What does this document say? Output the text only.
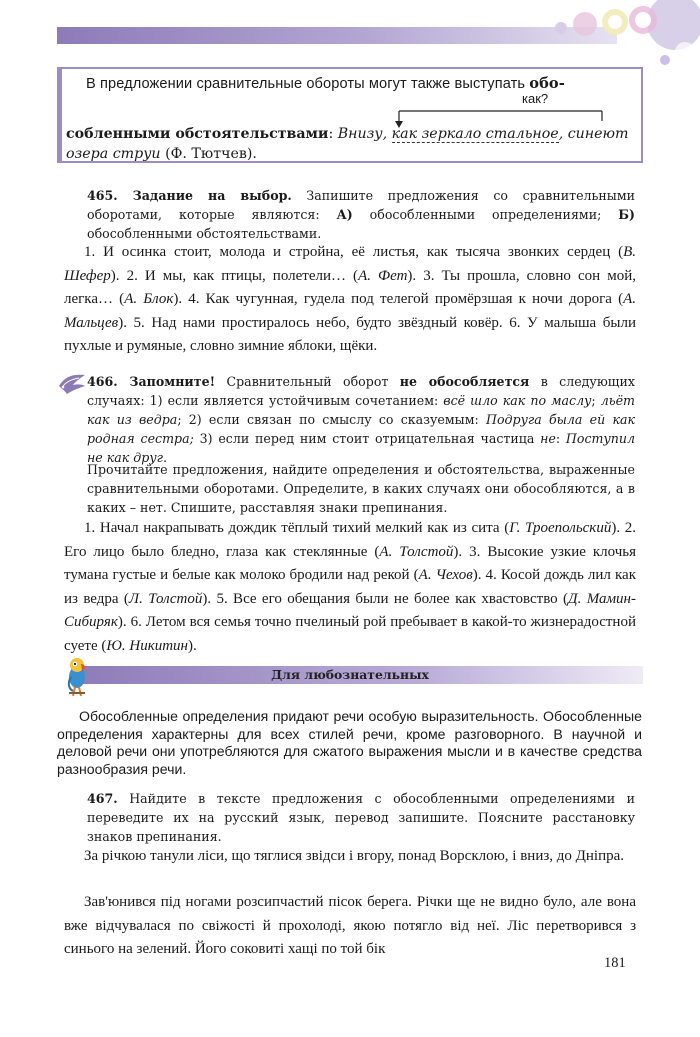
В предложении сравнительные обороты могут также выступать обо-
как?
собленными обстоятельствами: Внизу, как зеркало стальное, синеют
озера струи (Ф. Тютчев).
465. Задание на выбор. Запишите предложения со сравнительными оборотами, которые являются: А) обособленными определениями; Б) обособленными обстоятельствами.
1. И осинка стоит, молода и стройна, её листья, как тысяча звонких сердец (В. Шефер). 2. И мы, как птицы, полетели… (А. Фет). 3. Ты прошла, словно сон мой, легка… (А. Блок). 4. Как чугунная, гудела под телегой промёрзшая к ночи дорога (А. Мальцев). 5. Над нами простиралось небо, будто звёздный ковёр. 6. У малыша были пухлые и румяные, словно зимние яблоки, щёки.
466. Запомните! Сравнительный оборот не обособляется в следующих случаях: 1) если является устойчивым сочетанием: всё шло как по маслу; льёт как из ведра; 2) если связан по смыслу со сказуемым: Подруга была ей как родная сестра; 3) если перед ним стоит отрицательная частица не: Поступил не как друг.
Прочитайте предложения, найдите определения и обстоятельства, выраженные сравнительными оборотами. Определите, в каких случаях они обособляются, а в каких – нет. Спишите, расставляя знаки препинания.
1. Начал накрапывать дождик тёплый тихий мелкий как из сита (Г. Троепольский). 2. Его лицо было бледно, глаза как стеклянные (А. Толстой). 3. Высокие узкие клочья тумана густые и белые как молоко бродили над рекой (А. Чехов). 4. Косой дождь лил как из ведра (Л. Толстой). 5. Все его обещания были не более как хвастовство (Д. Мамин-Сибиряк). 6. Летом вся семья точно пчелиный рой пребывает в какой-то жизнерадостной суете (Ю. Никитин).
Для любознательных
Обособленные определения придают речи особую выразительность. Обособленные определения характерны для всех стилей речи, кроме разговорного. В научной и деловой речи они употребляются для сжатого выражения мысли и в качестве средства разнообразия речи.
467. Найдите в тексте предложения с обособленными определениями и переведите их на русский язык, перевод запишите. Поясните расстановку знаков препинания.
За річкою танули ліси, що тяглися звідси і вгору, понад Ворсклою, і вниз, до Дніпра.
Зав'юнився під ногами розсипчастий пісок берега. Річки ще не видно було, але вона вже відчувалася по свіжості й прохолоді, якою потягло від неї. Ліс перетворився з синього на зелений. Його соковиті хащі по той бік
181
